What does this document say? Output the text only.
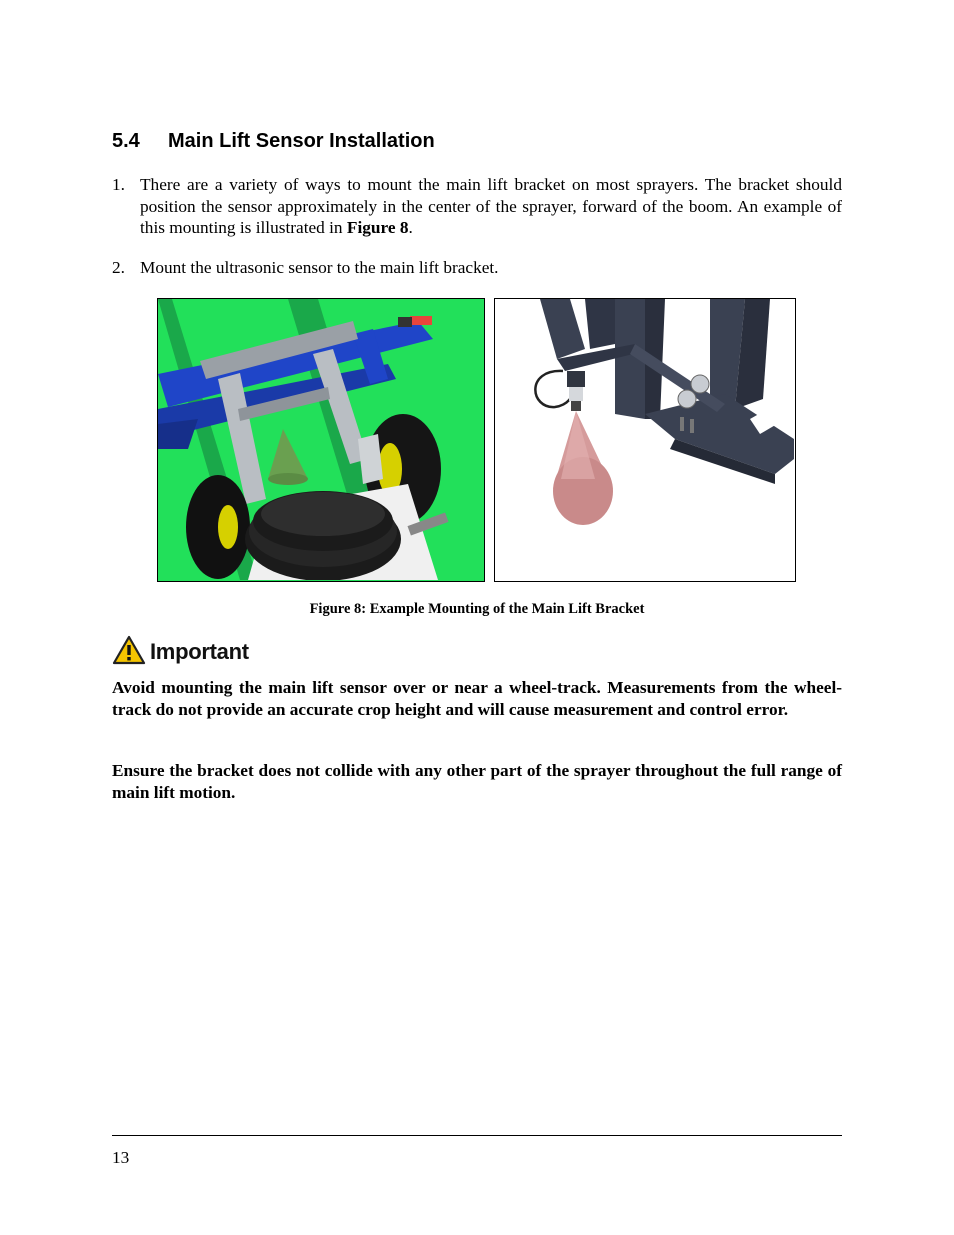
5.4	Main Lift Sensor Installation
1. There are a variety of ways to mount the main lift bracket on most sprayers. The bracket should position the sensor approximately in the center of the sprayer, forward of the boom. An example of this mounting is illustrated in Figure 8.
2. Mount the ultrasonic sensor to the main lift bracket.
Figure 8: Example Mounting of the Main Lift Bracket
Important

Avoid mounting the main lift sensor over or near a wheel-track. Measurements from the wheel-track do not provide an accurate crop height and will cause measurement and control error.

Ensure the bracket does not collide with any other part of the sprayer throughout the full range of main lift motion.

13
